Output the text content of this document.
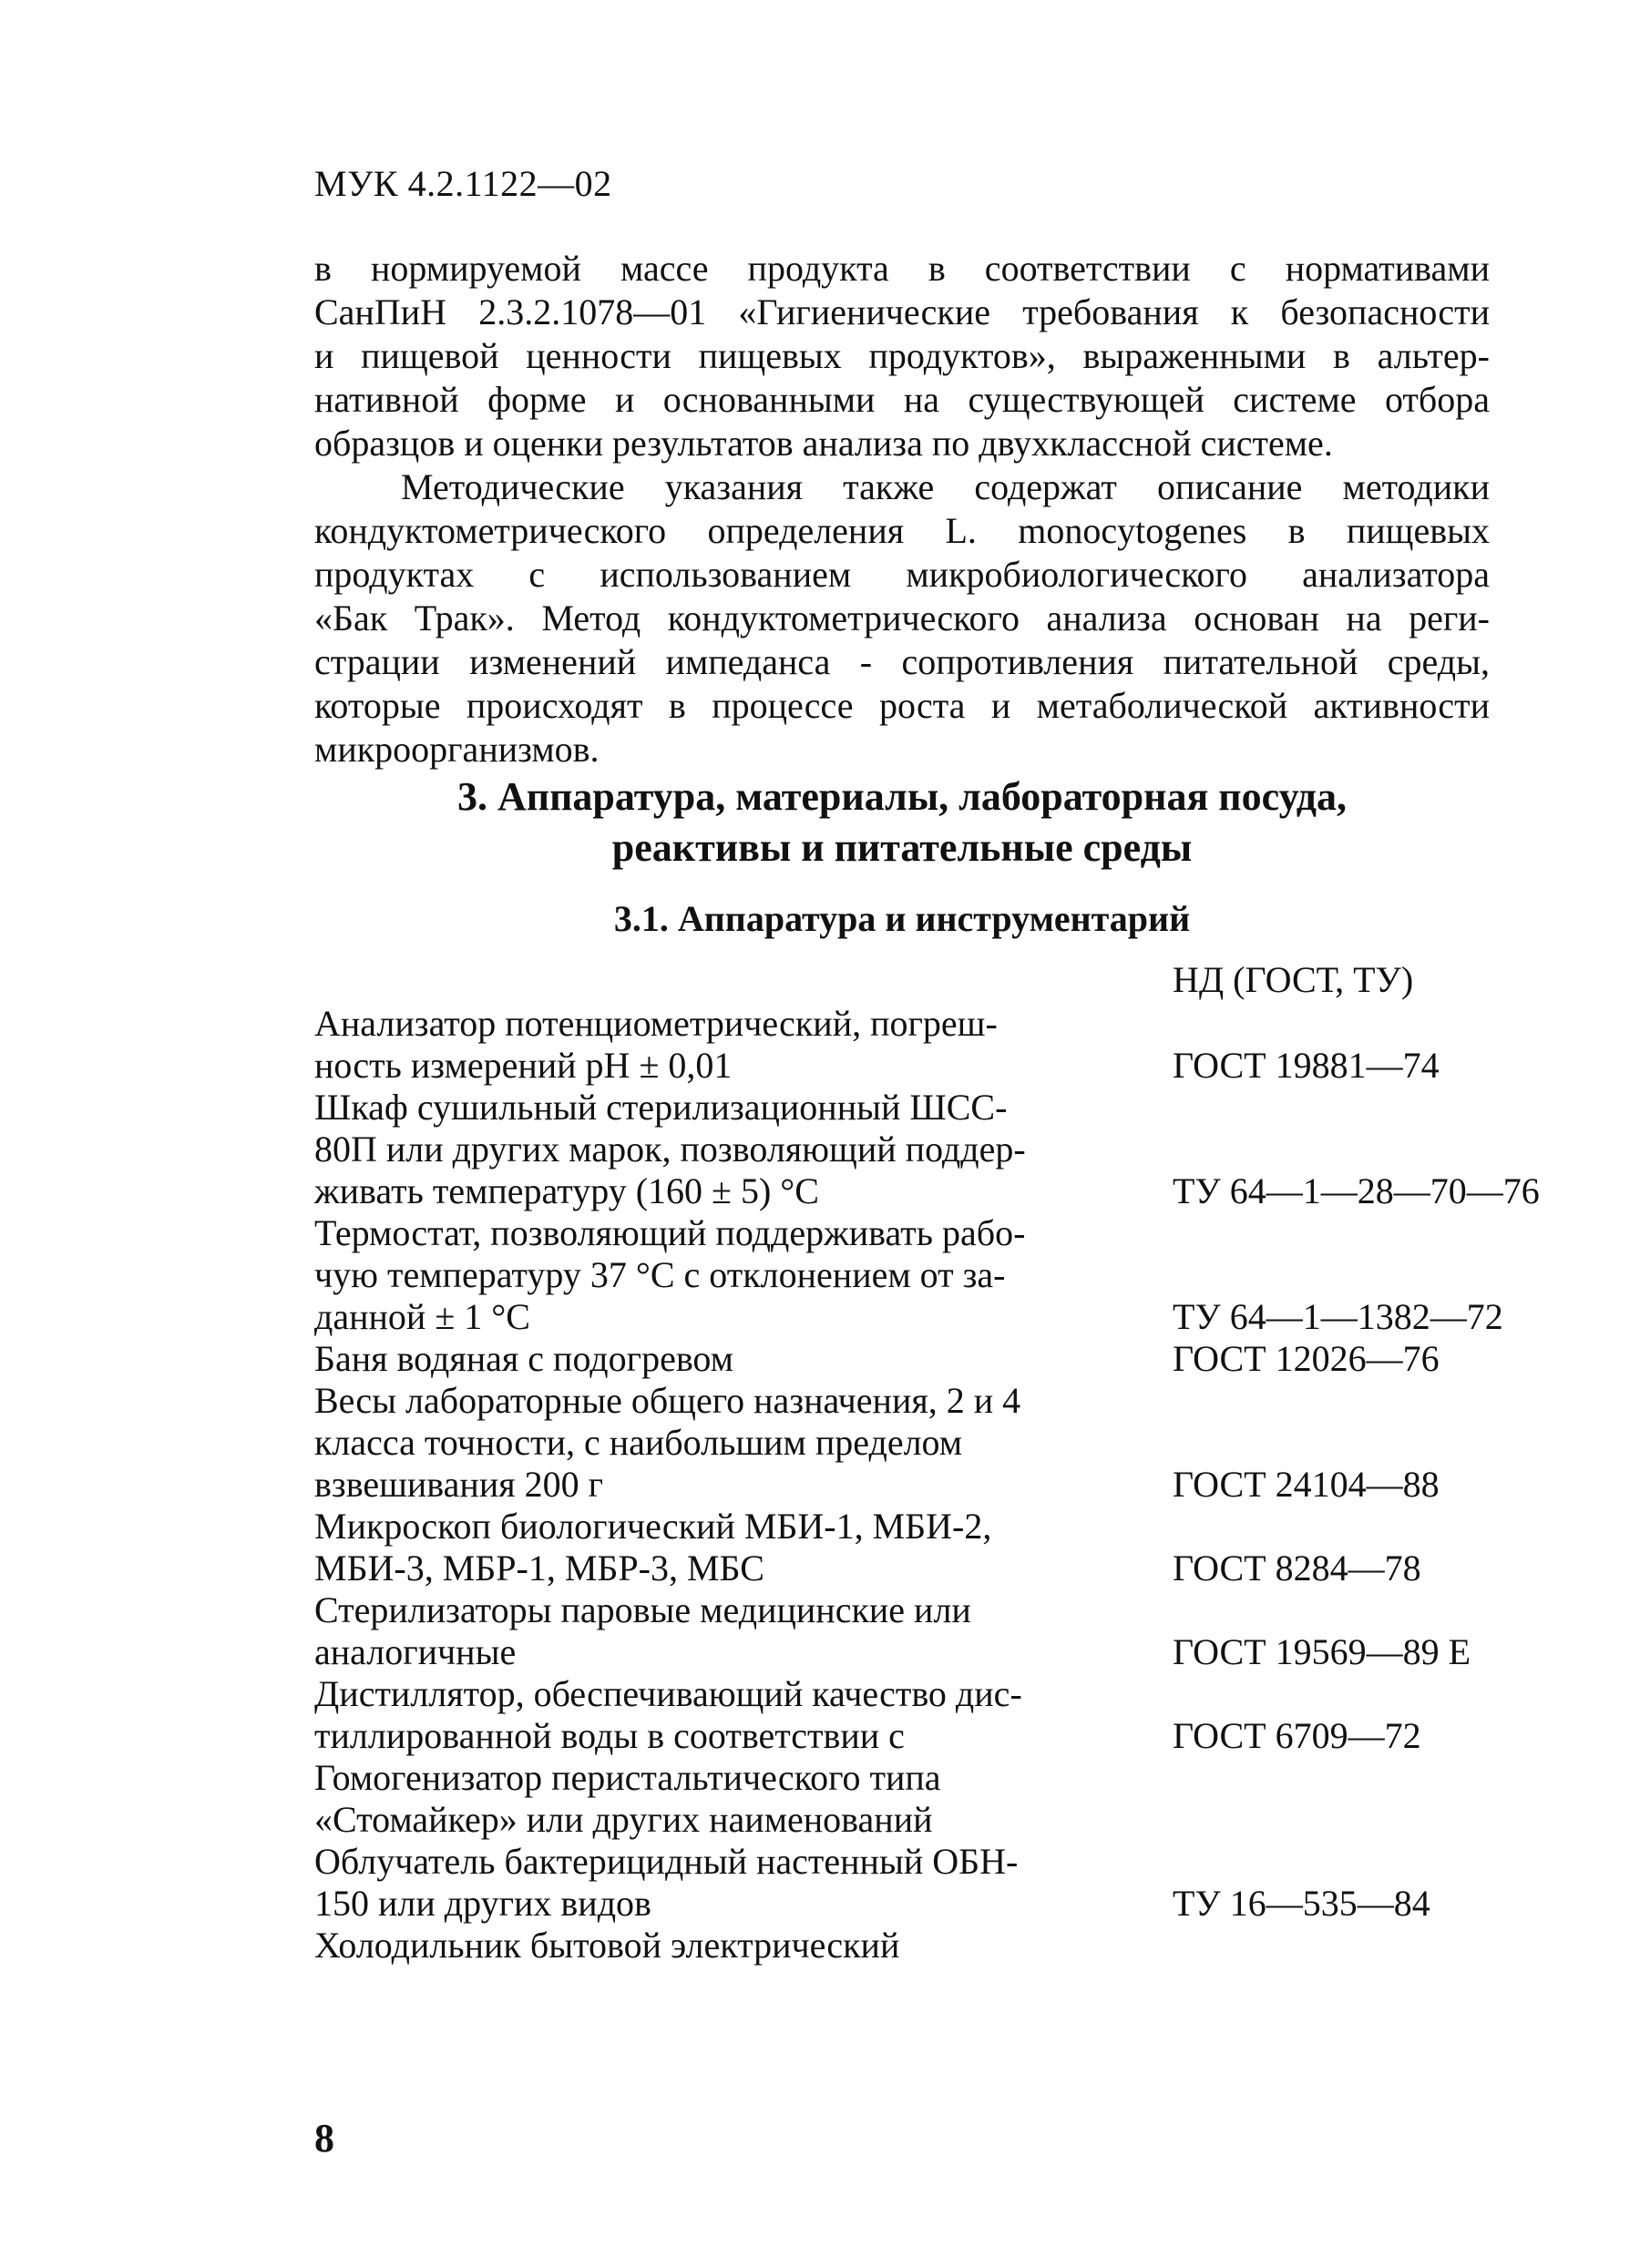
МУК 4.2.1122—02
в нормируемой массе продукта в соответствии с нормативами
СанПиН 2.3.2.1078—01 «Гигиенические требования к безопасности
и пищевой ценности пищевых продуктов», выраженными в альтер-
нативной форме и основанными на существующей системе отбора
образцов и оценки результатов анализа по двухклассной системе.
Методические указания также содержат описание методики
кондуктометрического определения L. monocytogenes в пищевых
продуктах с использованием микробиологического анализатора
«Бак Трак». Метод кондуктометрического анализа основан на реги-
страции изменений импеданса - сопротивления питательной среды,
которые происходят в процессе роста и метаболической активности
микроорганизмов.
3. Аппаратура, материалы, лабораторная посуда,
реактивы и питательные среды
3.1. Аппаратура и инструментарий
НД (ГОСТ, ТУ)
Анализатор потенциометрический, погреш-
ность измерений pH ± 0,01	ГОСТ 19881—74
Шкаф сушильный стерилизационный ШСС-
80П или других марок, позволяющий поддер-
живать температуру (160 ± 5) °С	ТУ 64—1—28—70—76
Термостат, позволяющий поддерживать рабо-
чую температуру 37 °С с отклонением от за-
данной ± 1 °С	ТУ 64—1—1382—72
Баня водяная с подогревом	ГОСТ 12026—76
Весы лабораторные общего назначения, 2 и 4
класса точности, с наибольшим пределом
взвешивания 200 г	ГОСТ 24104—88
Микроскоп биологический МБИ-1, МБИ-2,
МБИ-3, МБР-1, МБР-3, МБС	ГОСТ 8284—78
Стерилизаторы паровые медицинские или
аналогичные	ГОСТ 19569—89 Е
Дистиллятор, обеспечивающий качество дис-
тиллированной воды в соответствии с	ГОСТ 6709—72
Гомогенизатор перистальтического типа
«Стомайкер» или других наименований
Облучатель бактерицидный настенный ОБН-
150 или других видов	ТУ 16—535—84
Холодильник бытовой электрический
8
